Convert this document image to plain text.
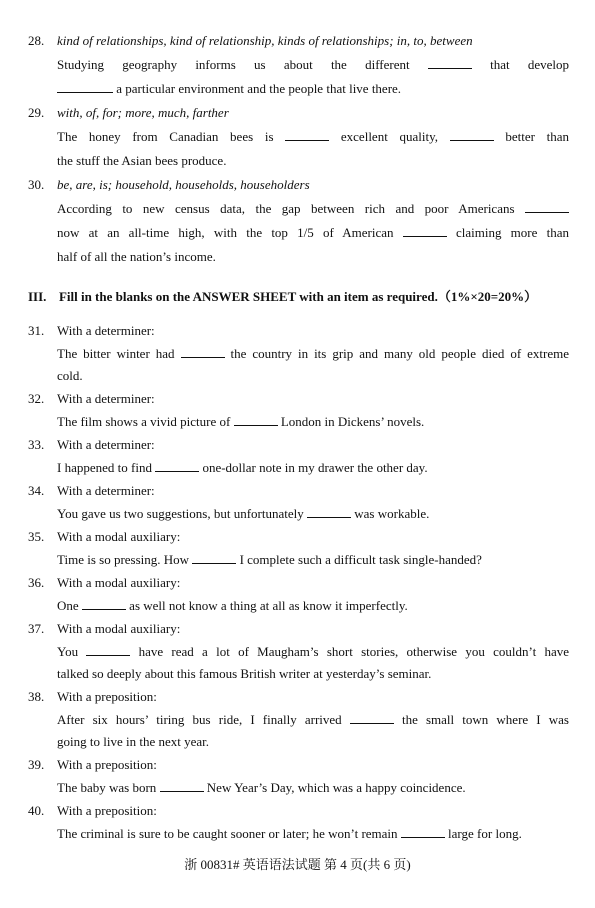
28. kind of relationships, kind of relationship, kinds of relationships; in, to, between
Studying geography informs us about the different	that develop
a particular environment and the people that live there.
29. with, of, for; more, much, farther
The honey from Canadian bees is	excellent quality,	better than
the stuff the Asian bees produce.
30. be, are, is; household, households, householders
According to new census data, the gap between rich and poor Americans
now at an all-time high, with the top 1/5 of American	claiming more than
half of all the nation’s income.
III. Fill in the blanks on the ANSWER SHEET with an item as required.（1%×20=20%）
31. With a determiner:
The bitter winter had	the country in its grip and many old people died of extreme
cold.
32. With a determiner:
The film shows a vivid picture of	London in Dickens’ novels.
33. With a determiner:
I happened to find	one-dollar note in my drawer the other day.
34. With a determiner:
You gave us two suggestions, but unfortunately	was workable.
35. With a modal auxiliary:
Time is so pressing. How	I complete such a difficult task single-handed?
36. With a modal auxiliary:
One	as well not know a thing at all as know it imperfectly.
37. With a modal auxiliary:
You	have read a lot of Maugham’s short stories, otherwise you couldn’t have
talked so deeply about this famous British writer at yesterday’s seminar.
38. With a preposition:
After six hours’ tiring bus ride, I finally arrived	the small town where I was
going to live in the next year.
39. With a preposition:
The baby was born	New Year’s Day, which was a happy coincidence.
40. With a preposition:
The criminal is sure to be caught sooner or later; he won’t remain	large for long.
浙 00831# 英语语法试题 第 4 页(共 6 页)
